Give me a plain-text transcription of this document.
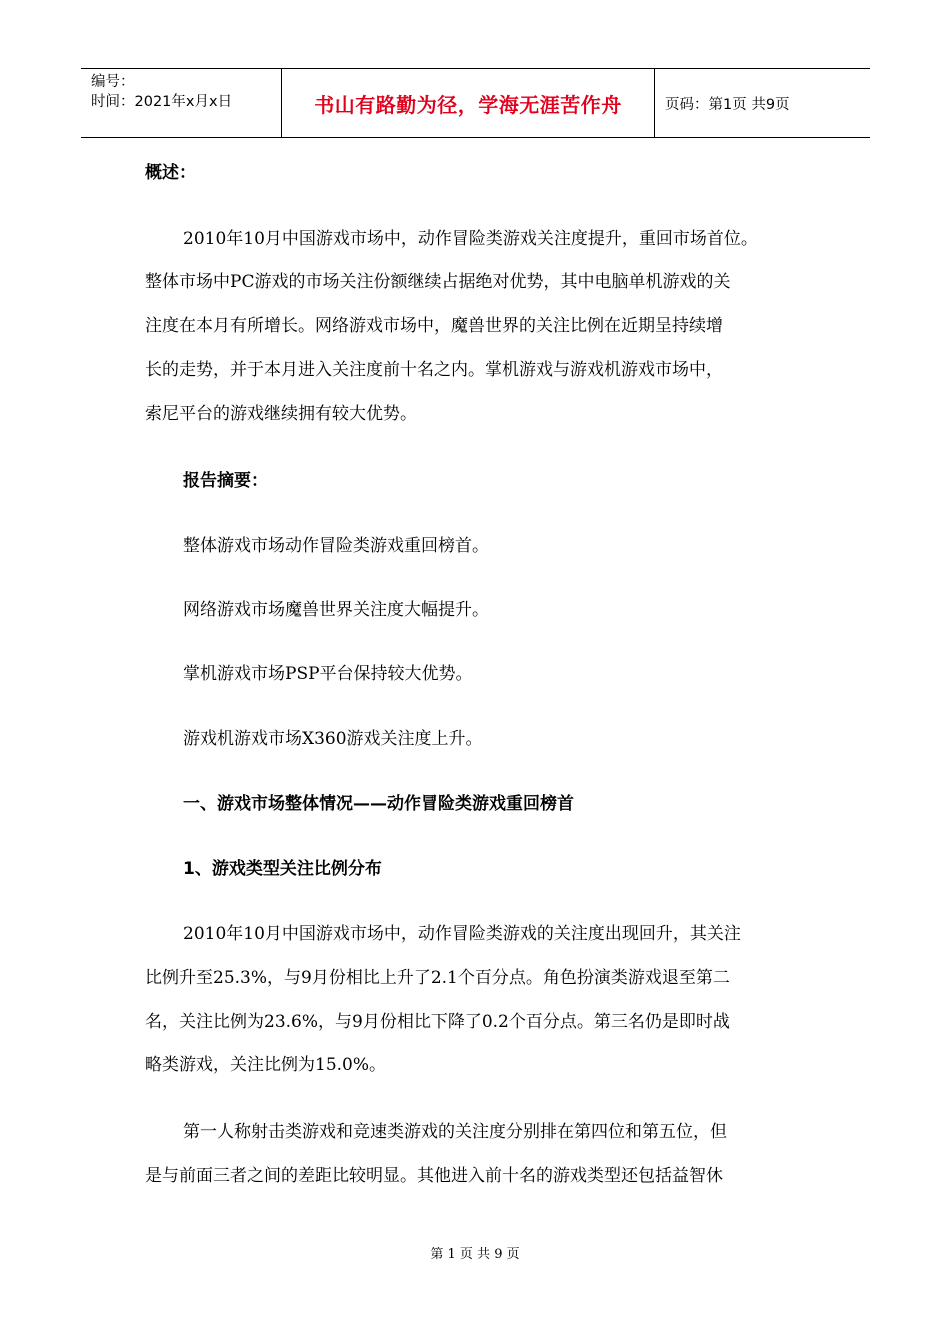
编号：
时间：2021年x月x日	书山有路勤为径，学海无涯苦作舟	页码：第1页 共9页
概述：
2010年10月中国游戏市场中，动作冒险类游戏关注度提升，重回市场首位。
整体市场中PC游戏的市场关注份额继续占据绝对优势，其中电脑单机游戏的关
注度在本月有所增长。网络游戏市场中，魔兽世界的关注比例在近期呈持续增
长的走势，并于本月进入关注度前十名之内。掌机游戏与游戏机游戏市场中，
索尼平台的游戏继续拥有较大优势。
报告摘要：
整体游戏市场动作冒险类游戏重回榜首。
网络游戏市场魔兽世界关注度大幅提升。
掌机游戏市场PSP平台保持较大优势。
游戏机游戏市场X360游戏关注度上升。
一、游戏市场整体情况——动作冒险类游戏重回榜首
1、游戏类型关注比例分布
2010年10月中国游戏市场中，动作冒险类游戏的关注度出现回升，其关注
比例升至25.3%，与9月份相比上升了2.1个百分点。角色扮演类游戏退至第二
名，关注比例为23.6%，与9月份相比下降了0.2个百分点。第三名仍是即时战
略类游戏，关注比例为15.0%。
第一人称射击类游戏和竞速类游戏的关注度分别排在第四位和第五位，但
是与前面三者之间的差距比较明显。其他进入前十名的游戏类型还包括益智休
第 1 页 共 9 页
